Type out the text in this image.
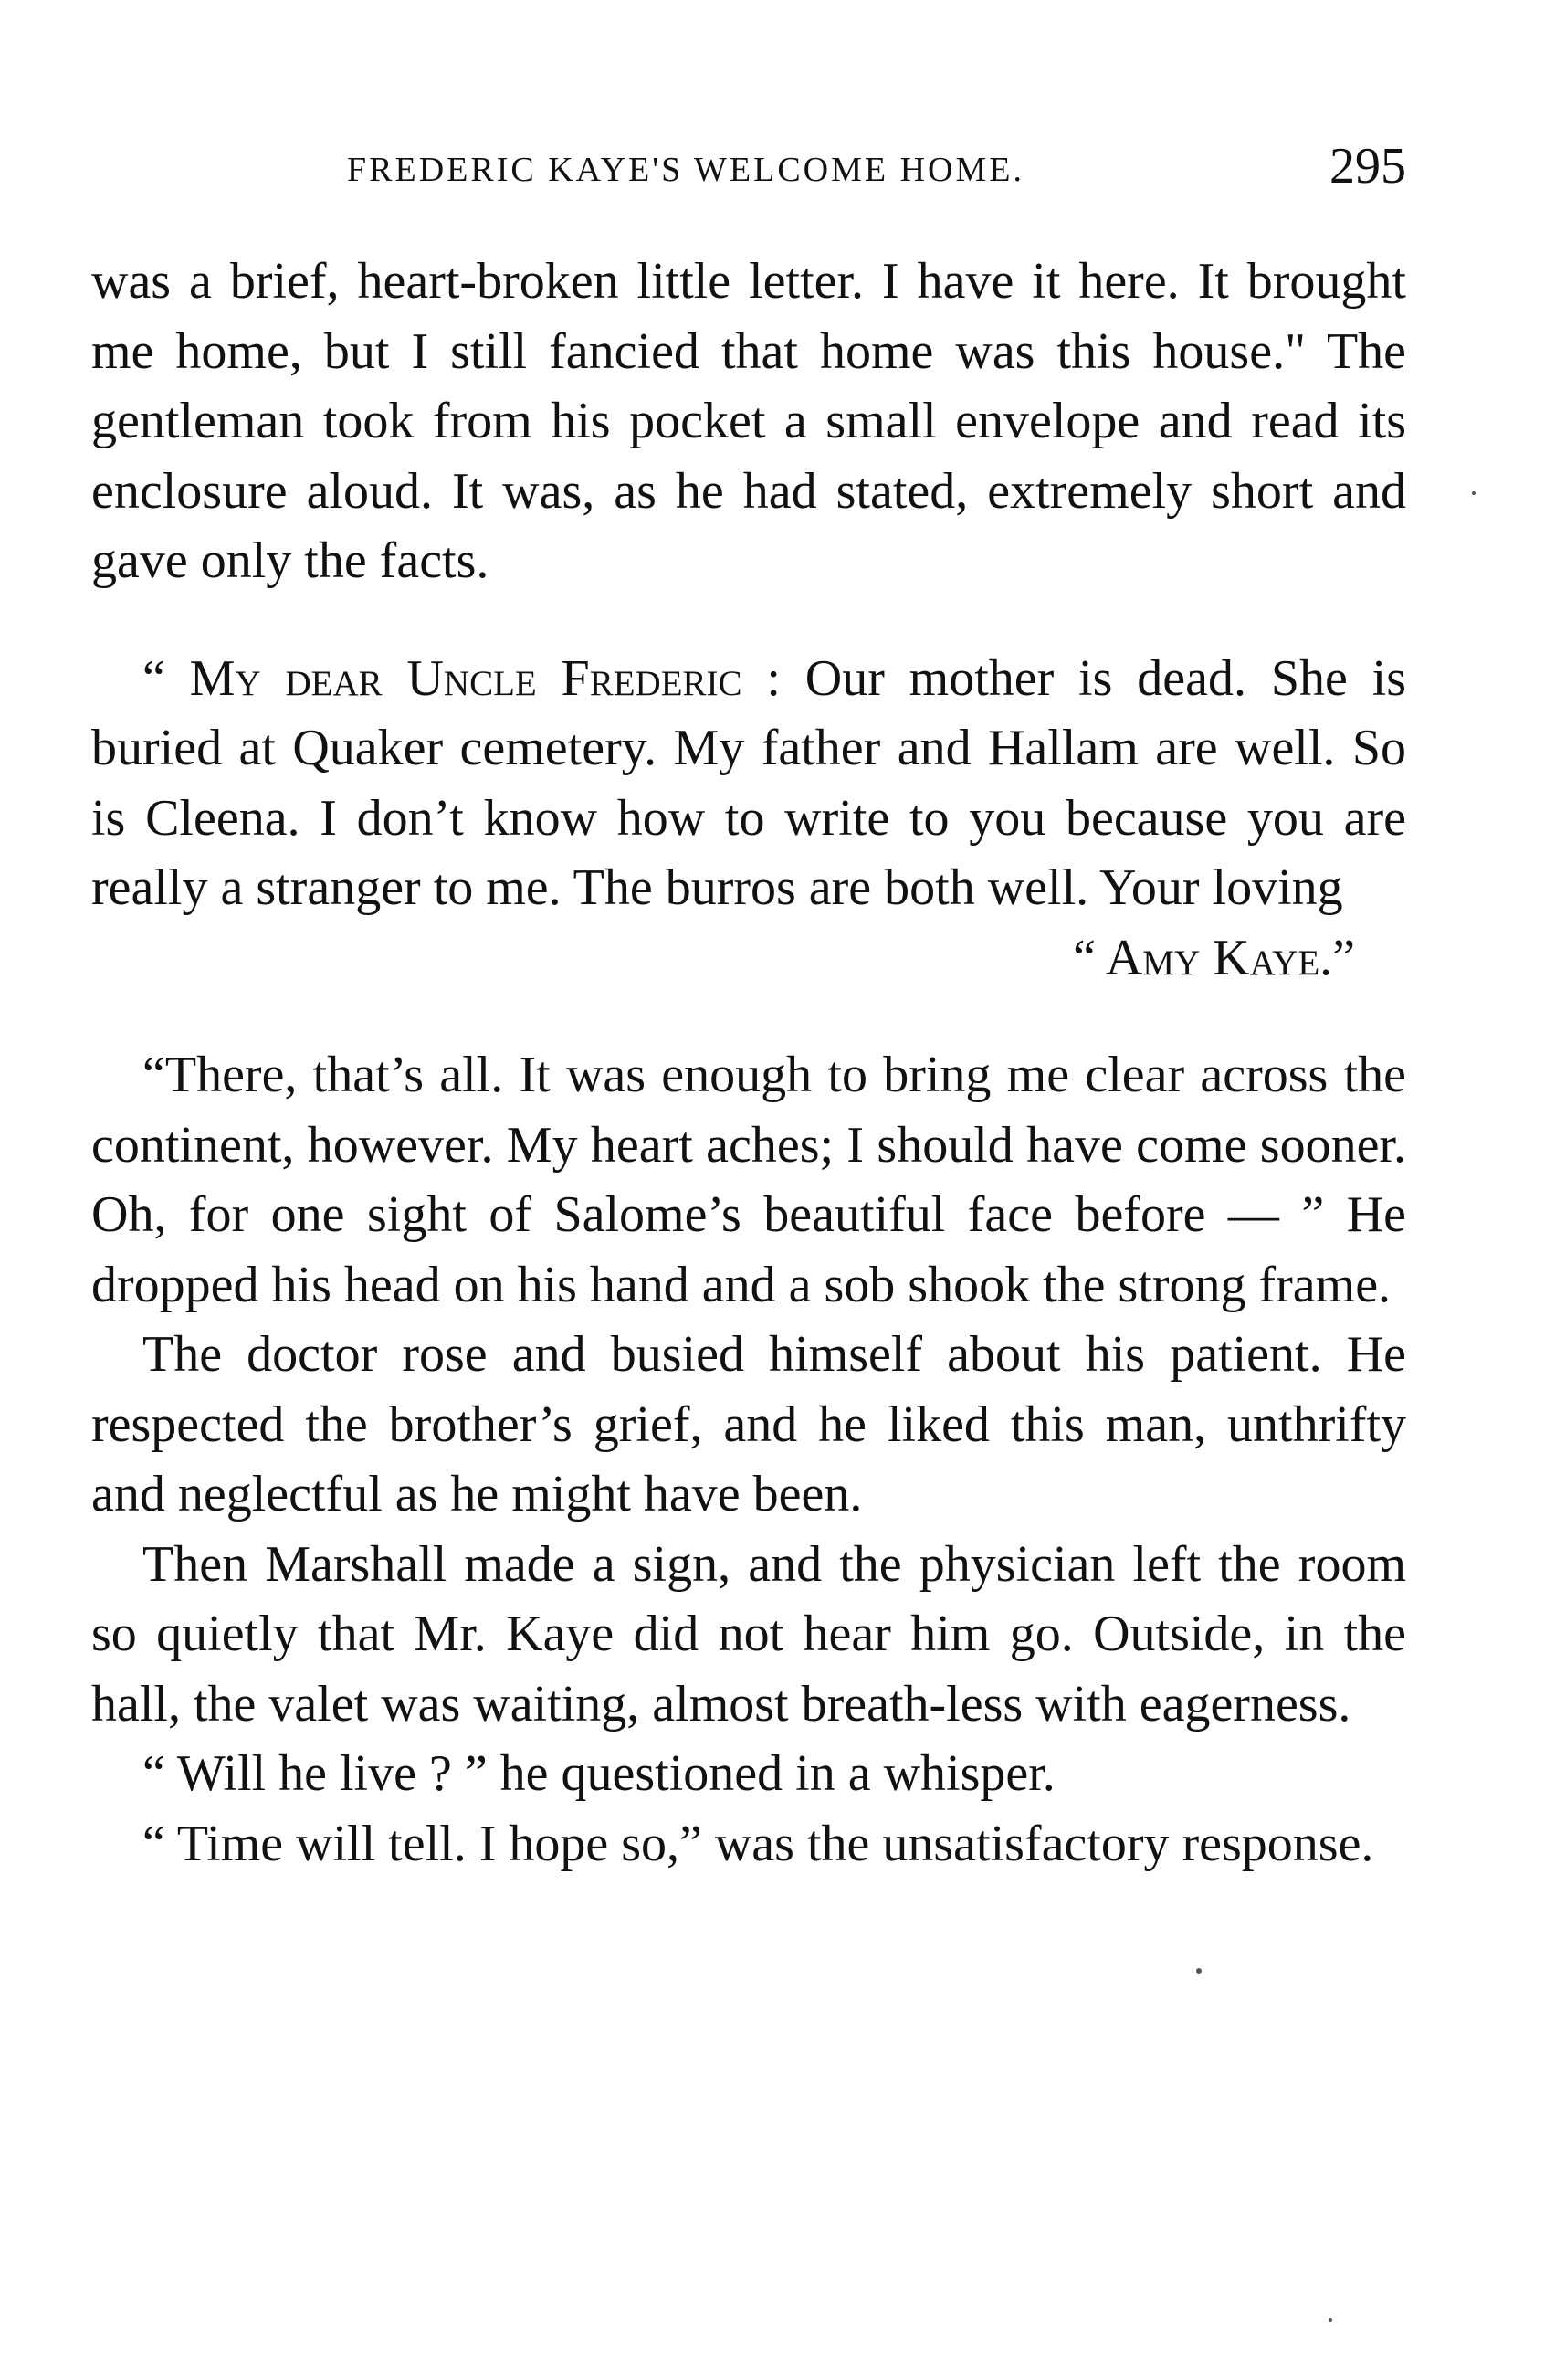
FREDERIC KAYE'S WELCOME HOME.	295

was a brief, heart-broken little letter. I have it here. It brought me home, but I still fancied that home was this house." The gentleman took from his pocket a small envelope and read its enclosure aloud. It was, as he had stated, extremely short and gave only the facts.

“ My dear Uncle Frederic : Our mother is dead. She is buried at Quaker cemetery. My father and Hallam are well. So is Cleena. I don’t know how to write to you because you are really a stranger to me. The burros are both well. Your loving

“ Amy Kaye.”

“There, that’s all. It was enough to bring me clear across the continent, however. My heart aches; I should have come sooner. Oh, for one sight of Salome’s beautiful face before — ” He dropped his head on his hand and a sob shook the strong frame.

The doctor rose and busied himself about his patient. He respected the brother’s grief, and he liked this man, unthrifty and neglectful as he might have been.

Then Marshall made a sign, and the physician left the room so quietly that Mr. Kaye did not hear him go. Outside, in the hall, the valet was waiting, almost breath-less with eagerness.

“ Will he live ? ” he questioned in a whisper.

“ Time will tell. I hope so,” was the unsatisfactory response.
